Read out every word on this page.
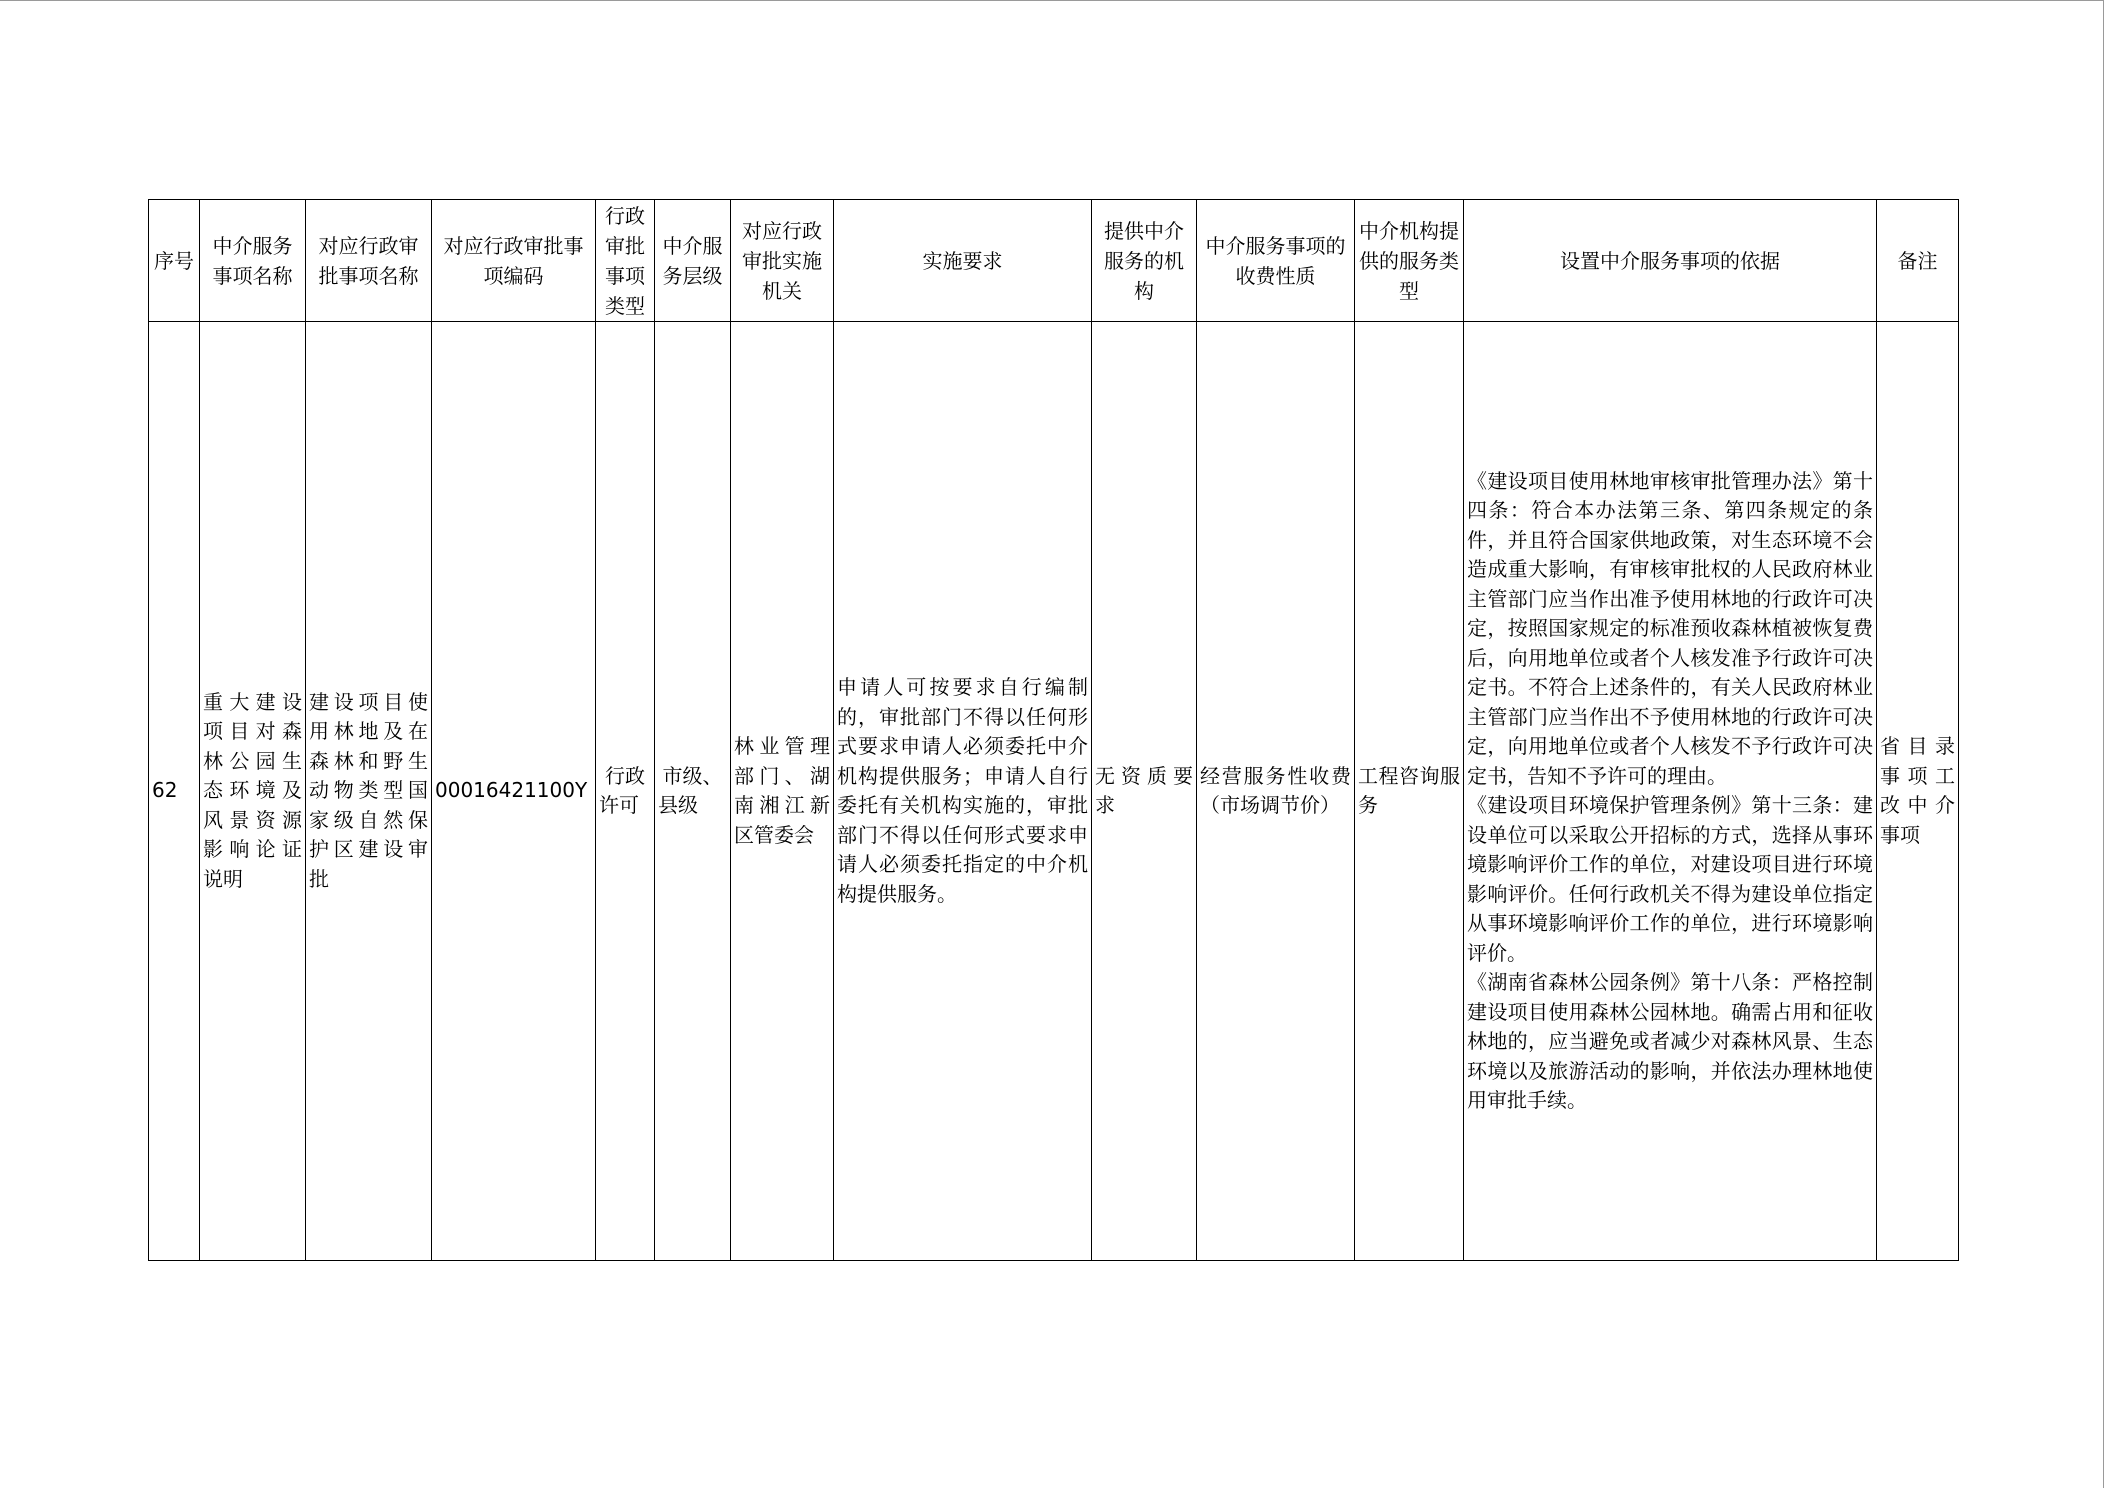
序号	中介服务事项名称	对应行政审批事项名称	对应行政审批事项编码	行政审批事项类型	中介服务层级	对应行政审批实施机关	实施要求	提供中介服务的机构	中介服务事项的收费性质	中介机构提供的服务类型	设置中介服务事项的依据	备注
62	重大建设项目对森林公园生态环境及风景资源影响论证说明	建设项目使用林地及在森林和野生动物类型国家级自然保护区建设审批	00016421100Y	行政许可	市级、县级	林业管理部门、湖南湘江新区管委会	申请人可按要求自行编制的，审批部门不得以任何形式要求申请人必须委托中介机构提供服务；申请人自行委托有关机构实施的，审批部门不得以任何形式要求申请人必须委托指定的中介机构提供服务。	无资质要求	经营服务性收费（市场调节价）	工程咨询服务	《建设项目使用林地审核审批管理办法》第十四条：符合本办法第三条、第四条规定的条件，并且符合国家供地政策，对生态环境不会造成重大影响，有审核审批权的人民政府林业主管部门应当作出准予使用林地的行政许可决定，按照国家规定的标准预收森林植被恢复费后，向用地单位或者个人核发准予行政许可决定书。不符合上述条件的，有关人民政府林业主管部门应当作出不予使用林地的行政许可决定，向用地单位或者个人核发不予行政许可决定书，告知不予许可的理由。
《建设项目环境保护管理条例》第十三条：建设单位可以采取公开招标的方式，选择从事环境影响评价工作的单位，对建设项目进行环境影响评价。任何行政机关不得为建设单位指定从事环境影响评价工作的单位，进行环境影响评价。
《湖南省森林公园条例》第十八条：严格控制建设项目使用森林公园林地。确需占用和征收林地的，应当避免或者减少对森林风景、生态环境以及旅游活动的影响，并依法办理林地使用审批手续。	省目录事项工改中介事项
